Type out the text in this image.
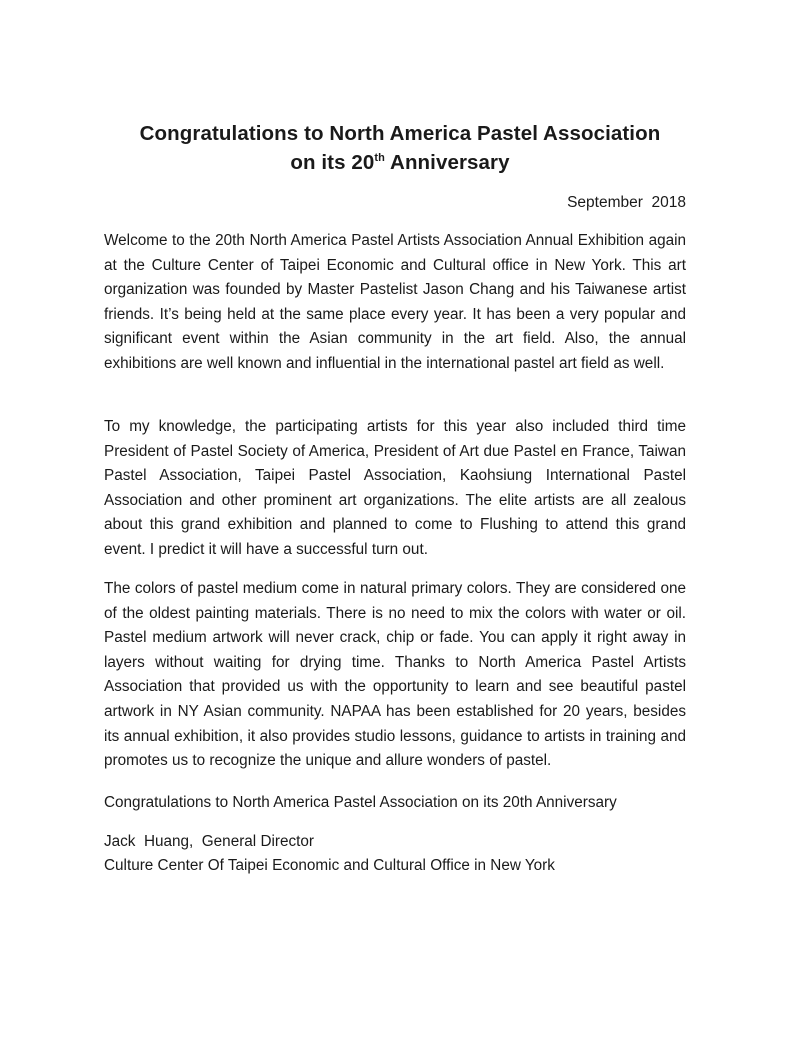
Congratulations to North America Pastel Association
on its 20th Anniversary
September  2018

Welcome to the 20th North America Pastel Artists Association Annual Exhibition again at the Culture Center of Taipei Economic and Cultural office in New York. This art organization was founded by Master Pastelist Jason Chang and his Taiwanese artist friends. It’s being held at the same place every year. It has been a very popular and significant event within the Asian community in the art field. Also, the annual exhibitions are well known and influential in the international pastel art field as well.

To my knowledge, the participating artists for this year also included third time President of Pastel Society of America, President of Art due Pastel en France, Taiwan Pastel Association, Taipei Pastel Association, Kaohsiung International Pastel Association and other prominent art organizations. The elite artists are all zealous about this grand exhibition and planned to come to Flushing to attend this grand event. I predict it will have a successful turn out.

The colors of pastel medium come in natural primary colors. They are considered one of the oldest painting materials. There is no need to mix the colors with water or oil. Pastel medium artwork will never crack, chip or fade. You can apply it right away in layers without waiting for drying time. Thanks to North America Pastel Artists Association that provided us with the opportunity to learn and see beautiful pastel artwork in NY Asian community. NAPAA has been established for 20 years, besides its annual exhibition, it also provides studio lessons, guidance to artists in training and promotes us to recognize the unique and allure wonders of pastel.

Congratulations to North America Pastel Association on its 20th Anniversary
Jack  Huang,  General Director
Culture Center Of Taipei Economic and Cultural Office in New York
